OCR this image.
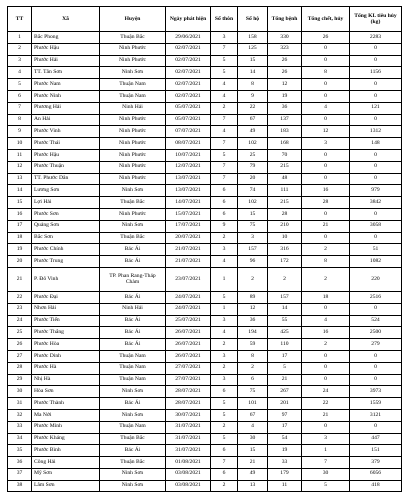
TT	Xã	Huyện	Ngày phát hiện	Số thôn	Số hộ	Tổng bệnh	Tổng chết, hủy	Tổng KL tiêu hủy (kg)
1	Bắc Phong	Thuận Bắc	29/06/2021	3	158	330	26	2283
2	Phước Hậu	Ninh Phước	02/07/2021	7	125	323	0	0
3	Phước Hải	Ninh Phước	02/07/2021	5	15	26	0	0
4	TT. Tân Sơn	Ninh Sơn	02/07/2021	5	14	26	8	1156
5	Phước Nam	Thuận Nam	02/07/2021	4	8	12	0	0
6	Phước Ninh	Thuận Nam	02/07/2021	4	9	19	0	0
7	Phương Hải	Ninh Hải	05/07/2021	2	22	36	4	121
8	An Hải	Ninh Phước	05/07/2021	7	67	137	0	0
9	Phước Vinh	Ninh Phước	07/07/2021	4	49	183	12	1312
10	Phước Thái	Ninh Phước	08/07/2021	7	102	168	3	148
11	Phước Hậu	Ninh Phước	10/07/2021	5	25	70	0	0
12	Phước Thuận	Ninh Phước	12/07/2021	7	79	215	0	0
13	TT. Phước Dân	Ninh Phước	13/07/2021	7	20	48	0	0
14	Lương Sơn	Ninh Sơn	13/07/2021	6	74	111	16	979
15	Lợi Hải	Thuận Bắc	14/07/2021	6	102	215	28	3842
16	Phước Sơn	Ninh Phước	15/07/2021	6	15	28	0	0
17	Quảng Sơn	Ninh Sơn	17/07/2021	9	75	210	21	3058
18	Bắc Sơn	Thuận Bắc	20/07/2021	2	3	10	0	0
19	Phước Chính	Bác Ái	21/07/2021	3	157	316	2	51
20	Phước Trung	Bác Ái	21/07/2021	4	96	172	8	1082
21	P. Đô Vinh	TP. Phan Rang-Tháp Chàm	23/07/2021	1	2	2	2	220
22	Phước Đại	Bác Ái	24/07/2021	5	89	157	18	2516
23	Nhơn Hải	Ninh Hải	24/07/2021	1	12	14	0	0
24	Phước Tiến	Bác Ái	25/07/2021	3	36	55	4	524
25	Phước Thắng	Bác Ái	26/07/2021	4	194	425	16	2500
26	Phước Hòa	Bác Ái	26/07/2021	2	59	110	2	279
27	Phước Dinh	Thuận Nam	26/07/2021	3	8	17	0	0
28	Phước Hà	Thuận Nam	27/07/2021	2	2	5	0	0
29	Nhị Hà	Thuận Nam	27/07/2021	3	6	21	0	0
30	Hòa Sơn	Ninh Sơn	28/07/2021	6	75	267	24	3973
31	Phước Thành	Bác Ái	28/07/2021	5	101	201	22	1559
32	Ma Nới	Ninh Sơn	30/07/2021	5	67	97	21	3121
33	Phước Minh	Thuận Nam	31/07/2021	2	4	17	0	0
34	Phước Kháng	Thuận Bắc	31/07/2021	5	30	54	3	447
35	Phước Bình	Bác Ái	31/07/2021	6	15	19	1	151
36	Công Hải	Thuận Bắc	01/08/2021	7	21	33	7	379
37	Mỹ Sơn	Ninh Sơn	03/08/2021	6	49	179	30	6056
38	Lâm Sơn	Ninh Sơn	03/08/2021	2	13	11	5	418
